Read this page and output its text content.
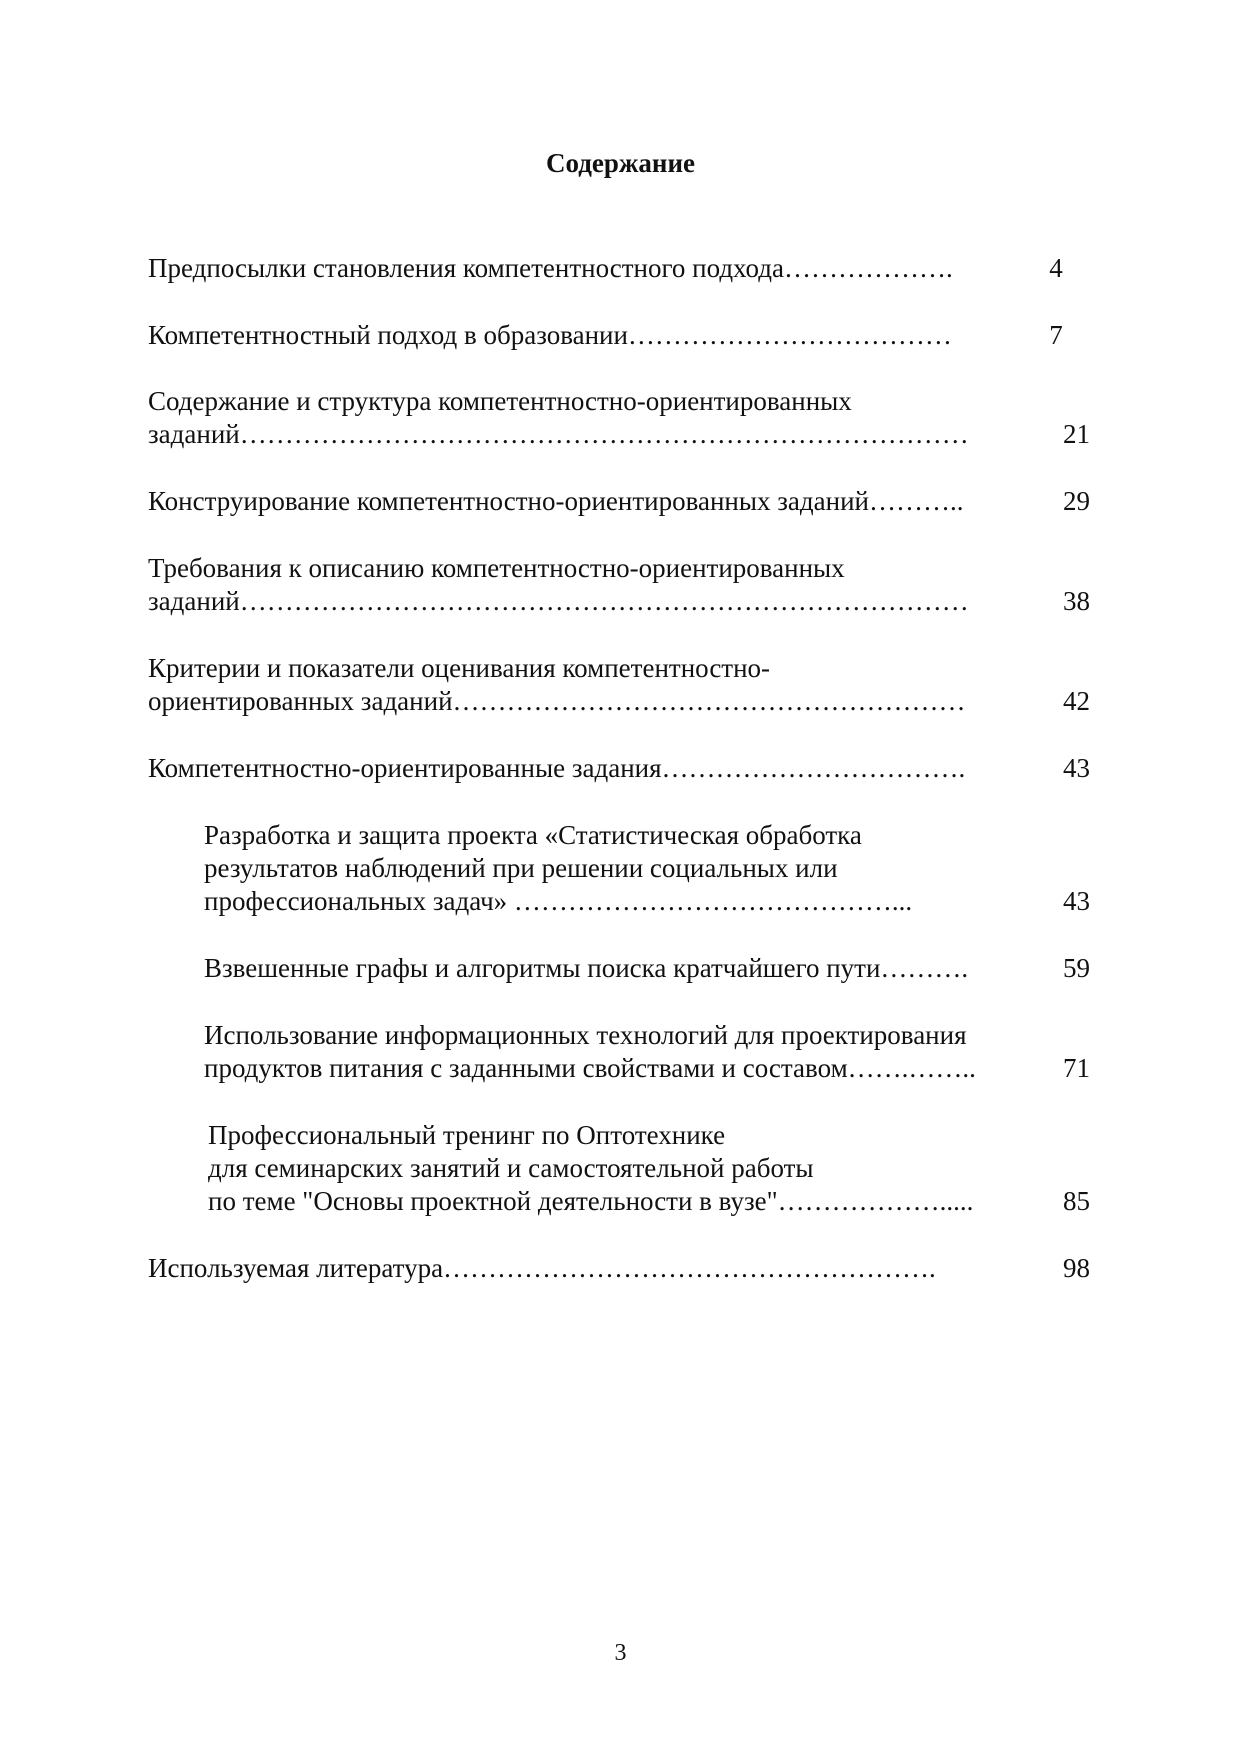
Содержание
Предпосылки становления компетентностного подхода……………….	4
Компетентностный подход в образовании………………………………	7
Содержание и структура компетентностно-ориентированных
заданий………………………………………………………………………	21
Конструирование компетентностно-ориентированных заданий………..	29
Требования к описанию компетентностно-ориентированных
заданий………………………………………………………………………	38
Критерии и показатели оценивания компетентностно-
ориентированных заданий…………………………………………………	42
Компетентностно-ориентированные задания…………………………….	43
Разработка и защита проекта «Статистическая обработка
результатов наблюдений при решении социальных или
профессиональных задач» ……………………………………...	43
Взвешенные графы и алгоритмы поиска кратчайшего пути……….	59
Использование информационных технологий для проектирования
продуктов питания с заданными свойствами и составом…….……..	71
Профессиональный тренинг по Оптотехнике
для семинарских занятий и самостоятельной работы
по теме "Основы проектной деятельности в вузе"……………….....	85
Используемая литература……………………………………………….	98
3
